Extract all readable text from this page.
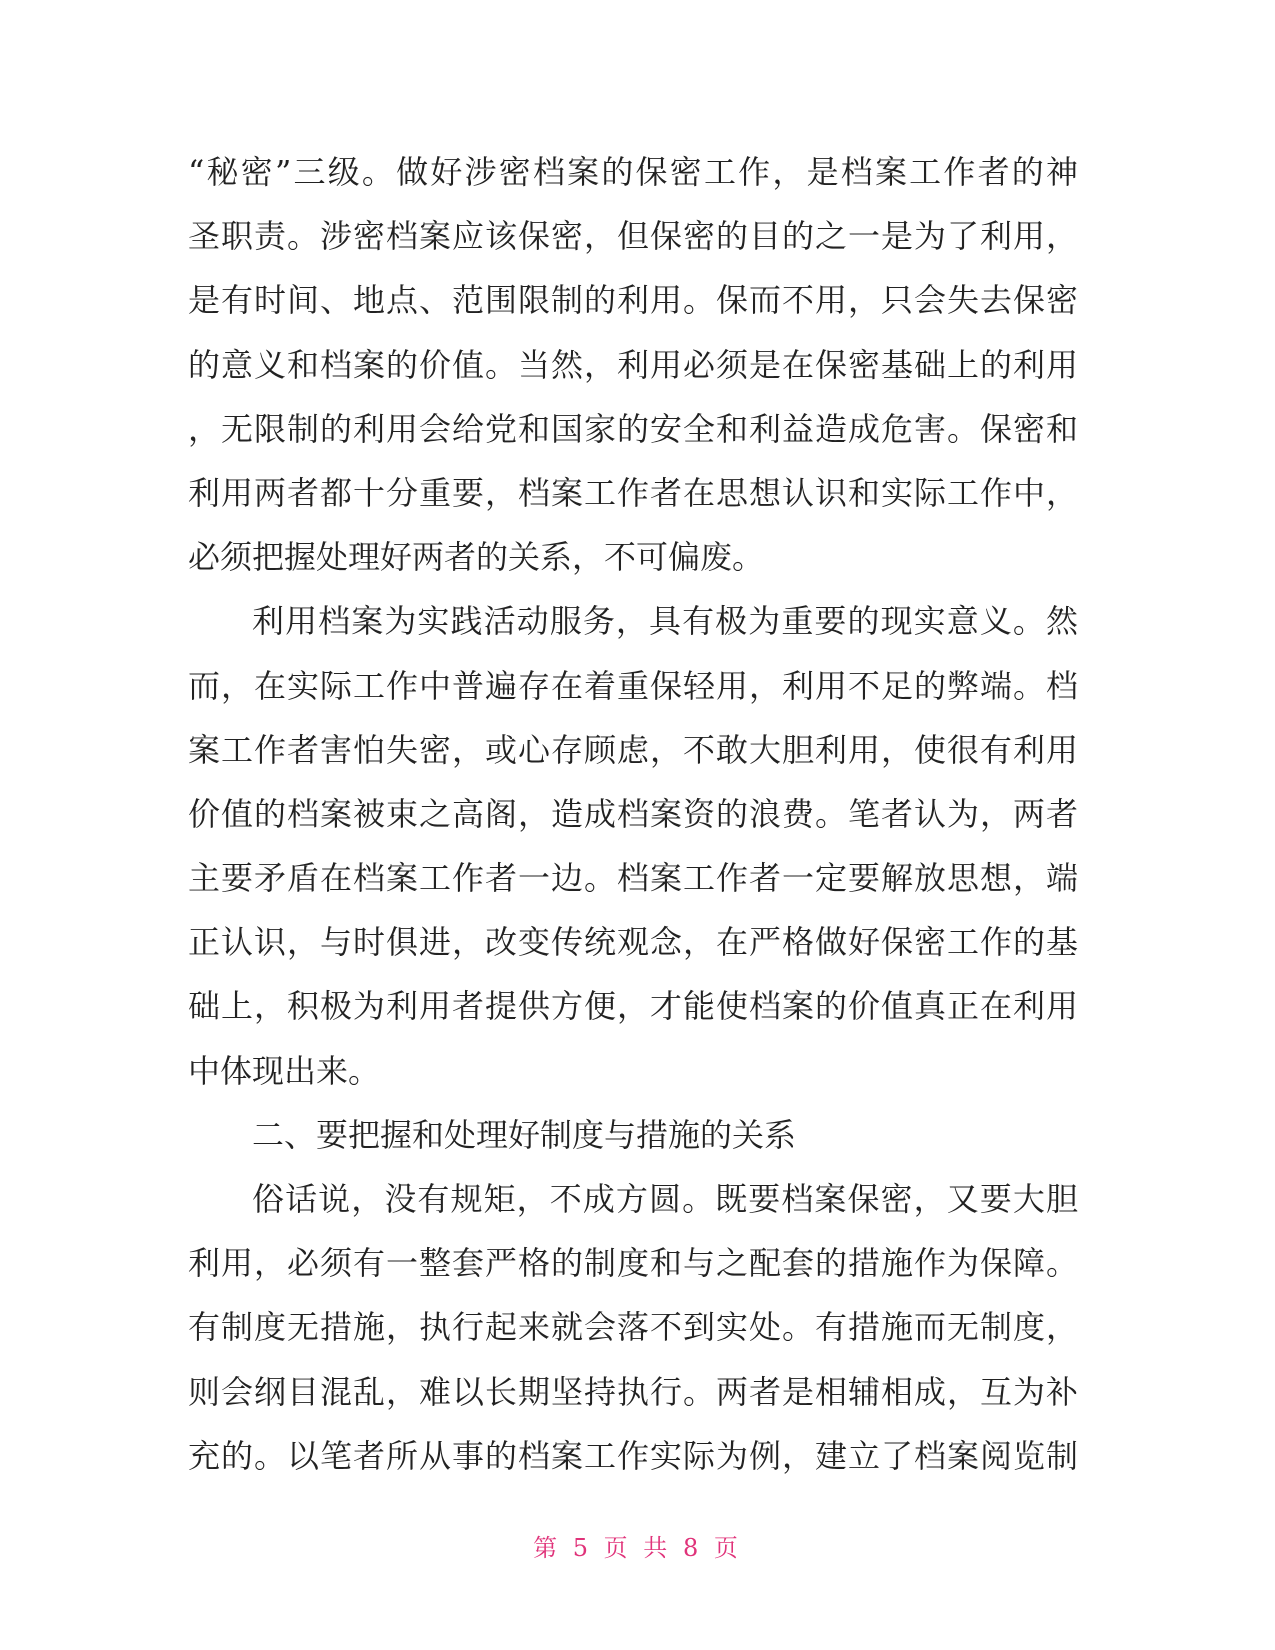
“秘密”三级。做好涉密档案的保密工作，是档案工作者的神
圣职责。涉密档案应该保密，但保密的目的之一是为了利用，
是有时间、地点、范围限制的利用。保而不用，只会失去保密
的意义和档案的价值。当然，利用必须是在保密基础上的利用
，无限制的利用会给党和国家的安全和利益造成危害。保密和
利用两者都十分重要，档案工作者在思想认识和实际工作中，
必须把握处理好两者的关系，不可偏废。
利用档案为实践活动服务，具有极为重要的现实意义。然
而，在实际工作中普遍存在着重保轻用，利用不足的弊端。档
案工作者害怕失密，或心存顾虑，不敢大胆利用，使很有利用
价值的档案被束之高阁，造成档案资的浪费。笔者认为，两者
主要矛盾在档案工作者一边。档案工作者一定要解放思想，端
正认识，与时俱进，改变传统观念，在严格做好保密工作的基
础上，积极为利用者提供方便，才能使档案的价值真正在利用
中体现出来。
二、要把握和处理好制度与措施的关系
俗话说，没有规矩，不成方圆。既要档案保密，又要大胆
利用，必须有一整套严格的制度和与之配套的措施作为保障。
有制度无措施，执行起来就会落不到实处。有措施而无制度，
则会纲目混乱，难以长期坚持执行。两者是相辅相成，互为补
充的。以笔者所从事的档案工作实际为例，建立了档案阅览制
第 5 页 共 8 页
